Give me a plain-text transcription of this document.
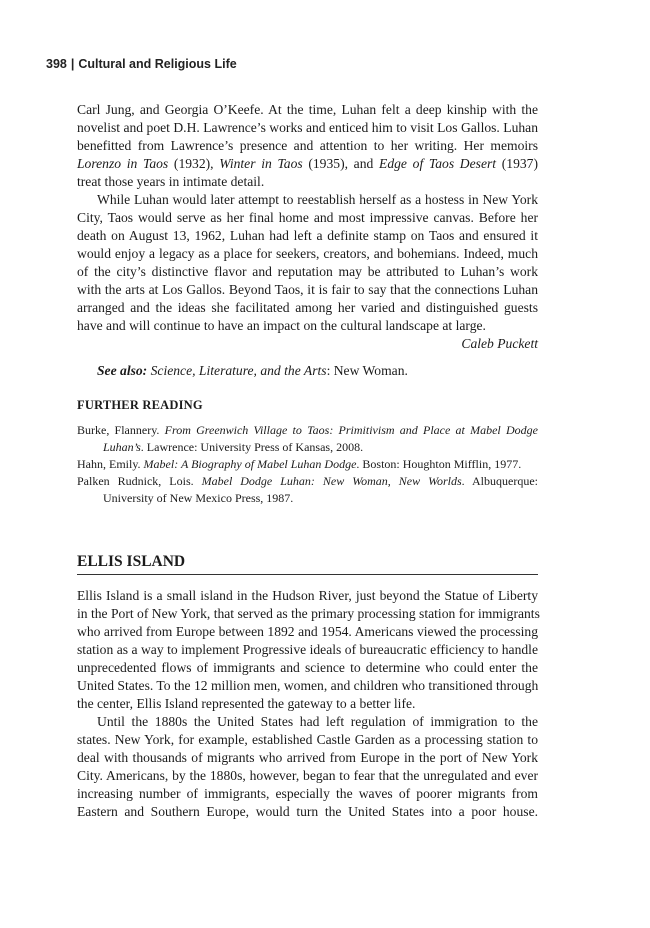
398 | Cultural and Religious Life
Carl Jung, and Georgia O’Keefe. At the time, Luhan felt a deep kinship with the
novelist and poet D.H. Lawrence’s works and enticed him to visit Los Gallos. Luhan
benefitted from Lawrence’s presence and attention to her writing. Her memoirs
Lorenzo in Taos (1932), Winter in Taos (1935), and Edge of Taos Desert (1937)
treat those years in intimate detail.
While Luhan would later attempt to reestablish herself as a hostess in New York
City, Taos would serve as her final home and most impressive canvas. Before her
death on August 13, 1962, Luhan had left a definite stamp on Taos and ensured it
would enjoy a legacy as a place for seekers, creators, and bohemians. Indeed, much
of the city’s distinctive flavor and reputation may be attributed to Luhan’s work
with the arts at Los Gallos. Beyond Taos, it is fair to say that the connections Luhan
arranged and the ideas she facilitated among her varied and distinguished guests
have and will continue to have an impact on the cultural landscape at large.
Caleb Puckett
See also: Science, Literature, and the Arts: New Woman.
FURTHER READING
Burke, Flannery. From Greenwich Village to Taos: Primitivism and Place at Mabel Dodge Luhan’s. Lawrence: University Press of Kansas, 2008.
Hahn, Emily. Mabel: A Biography of Mabel Luhan Dodge. Boston: Houghton Mifflin, 1977.
Palken Rudnick, Lois. Mabel Dodge Luhan: New Woman, New Worlds. Albuquerque: University of New Mexico Press, 1987.
ELLIS ISLAND
Ellis Island is a small island in the Hudson River, just beyond the Statue of Liberty
in the Port of New York, that served as the primary processing station for immigrants
who arrived from Europe between 1892 and 1954. Americans viewed the processing
station as a way to implement Progressive ideals of bureaucratic efficiency to handle
unprecedented flows of immigrants and science to determine who could enter the
United States. To the 12 million men, women, and children who transitioned through
the center, Ellis Island represented the gateway to a better life.
Until the 1880s the United States had left regulation of immigration to the
states. New York, for example, established Castle Garden as a processing station to
deal with thousands of migrants who arrived from Europe in the port of New York
City. Americans, by the 1880s, however, began to fear that the unregulated and ever
increasing number of immigrants, especially the waves of poorer migrants from
Eastern and Southern Europe, would turn the United States into a poor house.
